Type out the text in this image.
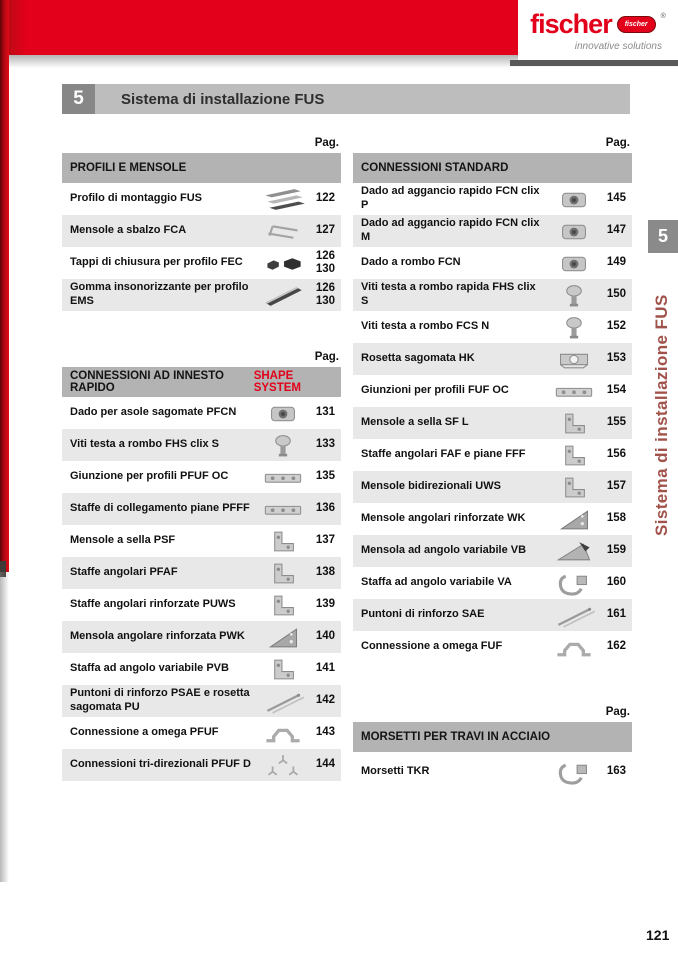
fischer	fischer
®
innovative solutions
5	Sistema di installazione FUS
Pag.
PROFILI E MENSOLE
Profilo di montaggio FUS	122
Mensole a sbalzo FCA	127
Tappi di chiusura per profilo FEC
126
130
Gomma insonorizzante per profilo EMS
126
130
Pag.
CONNESSIONI AD INNESTO RAPIDO
SHAPE SYSTEM
Dado per asole sagomate PFCN	131
Viti testa a rombo FHS clix S	133
Giunzione per profili PFUF OC	135
Staffe di collegamento piane PFFF	136
Mensole a sella PSF	137
Staffe angolari PFAF	138
Staffe angolari rinforzate PUWS	139
Mensola angolare rinforzata PWK	140
Staffa ad angolo variabile PVB	141
Puntoni di rinforzo PSAE e rosetta sagomata PU
142
Connessione a omega PFUF	143
Connessioni tri-direzionali PFUF D	144
Pag.
CONNESSIONI STANDARD
Dado ad aggancio rapido FCN clix P
145
Dado ad aggancio rapido FCN clix M
147
Dado a rombo FCN	149
Viti testa a rombo rapida FHS clix S
150
Viti testa a rombo FCS N	152
Rosetta sagomata HK	153
Giunzioni per profili FUF OC	154
Mensole a sella SF L	155
Staffe angolari FAF e piane FFF	156
Mensole bidirezionali UWS	157
Mensole angolari rinforzate WK	158
Mensola ad angolo variabile VB	159
Staffa ad angolo variabile VA	160
Puntoni di rinforzo SAE	161
Connessione a omega FUF	162
Pag.
MORSETTI PER TRAVI IN ACCIAIO
Morsetti TKR	163
5
Sistema di installazione FUS
121
